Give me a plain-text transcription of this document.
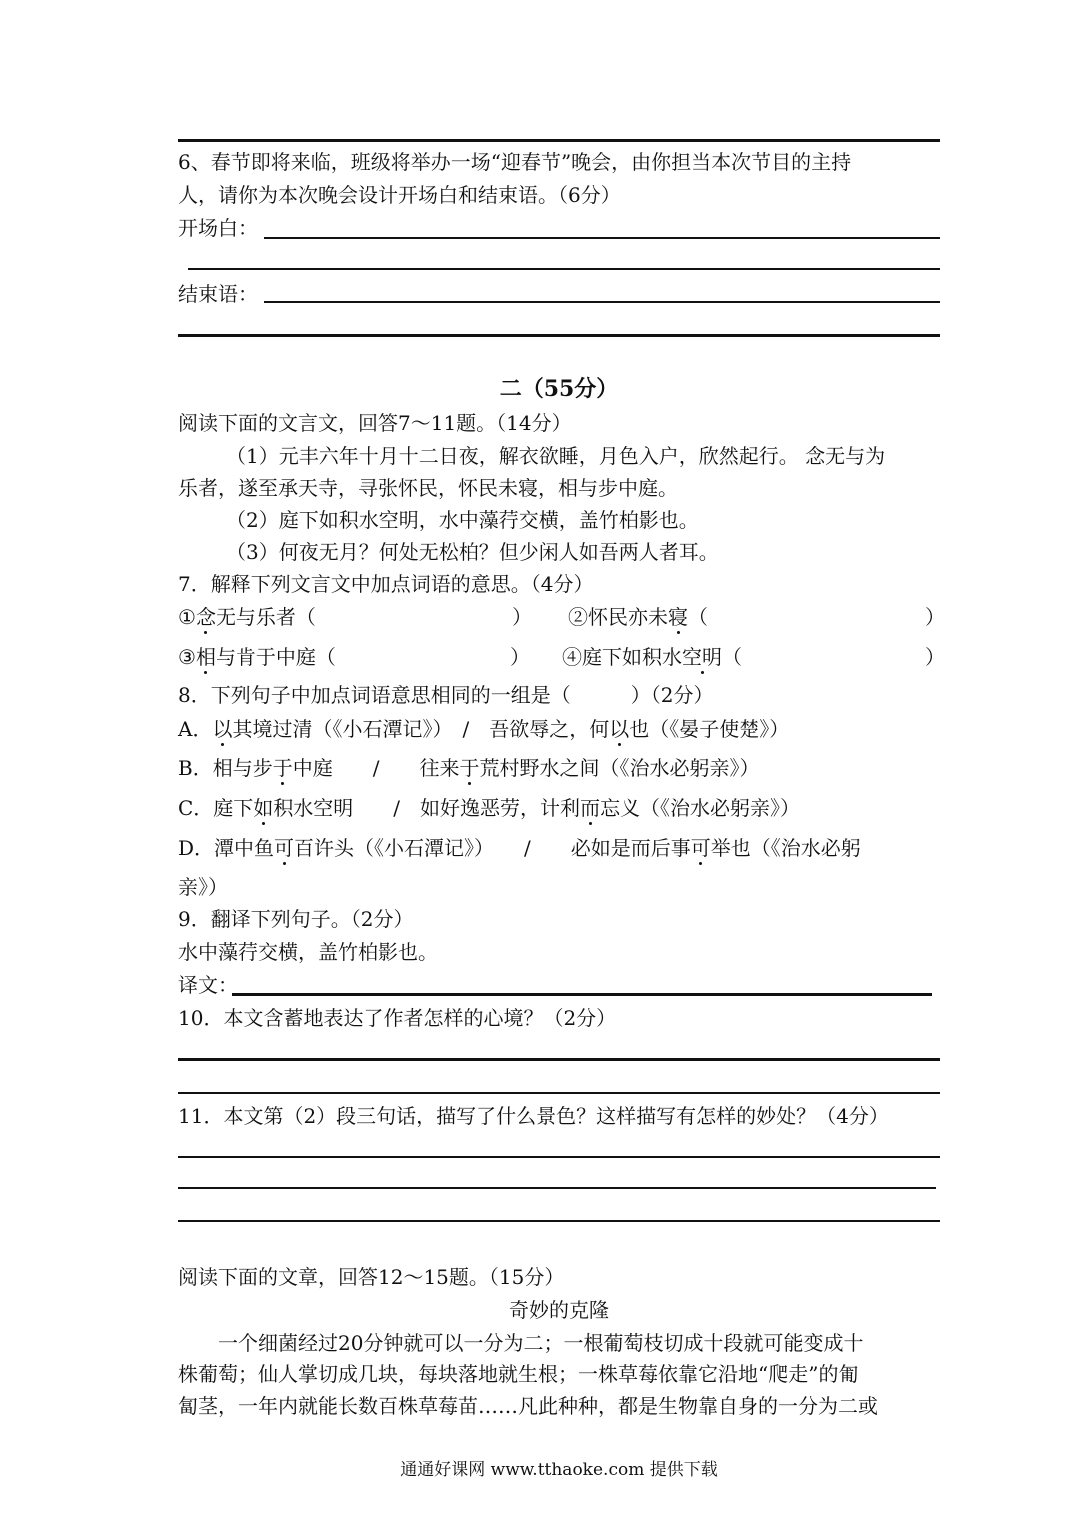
6、春节即将来临，班级将举办一场“迎春节”晚会，由你担当本次节目的主持
人，请你为本次晚会设计开场白和结束语。（6分）
开场白：
结束语：
二（55分）
阅读下面的文言文，回答7～11题。（14分）
（1）元丰六年十月十二日夜，解衣欲睡，月色入户，欣然起行。 念无与为
乐者，遂至承天寺，寻张怀民，怀民未寝，相与步中庭。
（2）庭下如积水空明，水中藻荇交横，盖竹柏影也。
（3）何夜无月？何处无松柏？但少闲人如吾两人者耳。
7．解释下列文言文中加点词语的意思。（4分）
①念无与乐者（	） ②怀民亦未寝（	）
③相与肯于中庭（	） ④庭下如积水空明（	）
8．下列句子中加点词语意思相同的一组是（　　　）（2分）
A．以其境过清（《小石潭记》）　/　吾欲辱之，何以也（《晏子使楚》）
B．相与步于中庭　　/　　往来于荒村野水之间（《治水必躬亲》）
C．庭下如积水空明　　/　如好逸恶劳，计利而忘义（《治水必躬亲》）
D．潭中鱼可百许头（《小石潭记》）　　/　　必如是而后事可举也（《治水必躬
亲》）
9．翻译下列句子。（2分）
水中藻荇交横，盖竹柏影也。
译文：
10．本文含蓄地表达了作者怎样的心境？（2分）
11．本文第（2）段三句话，描写了什么景色？这样描写有怎样的妙处？（4分）
阅读下面的文章，回答12～15题。（15分）
奇妙的克隆
一个细菌经过20分钟就可以一分为二；一根葡萄枝切成十段就可能变成十
株葡萄；仙人掌切成几块，每块落地就生根；一株草莓依靠它沿地“爬走”的匍
匐茎，一年内就能长数百株草莓苗……凡此种种，都是生物靠自身的一分为二或
通通好课网 www.tthaoke.com 提供下载
